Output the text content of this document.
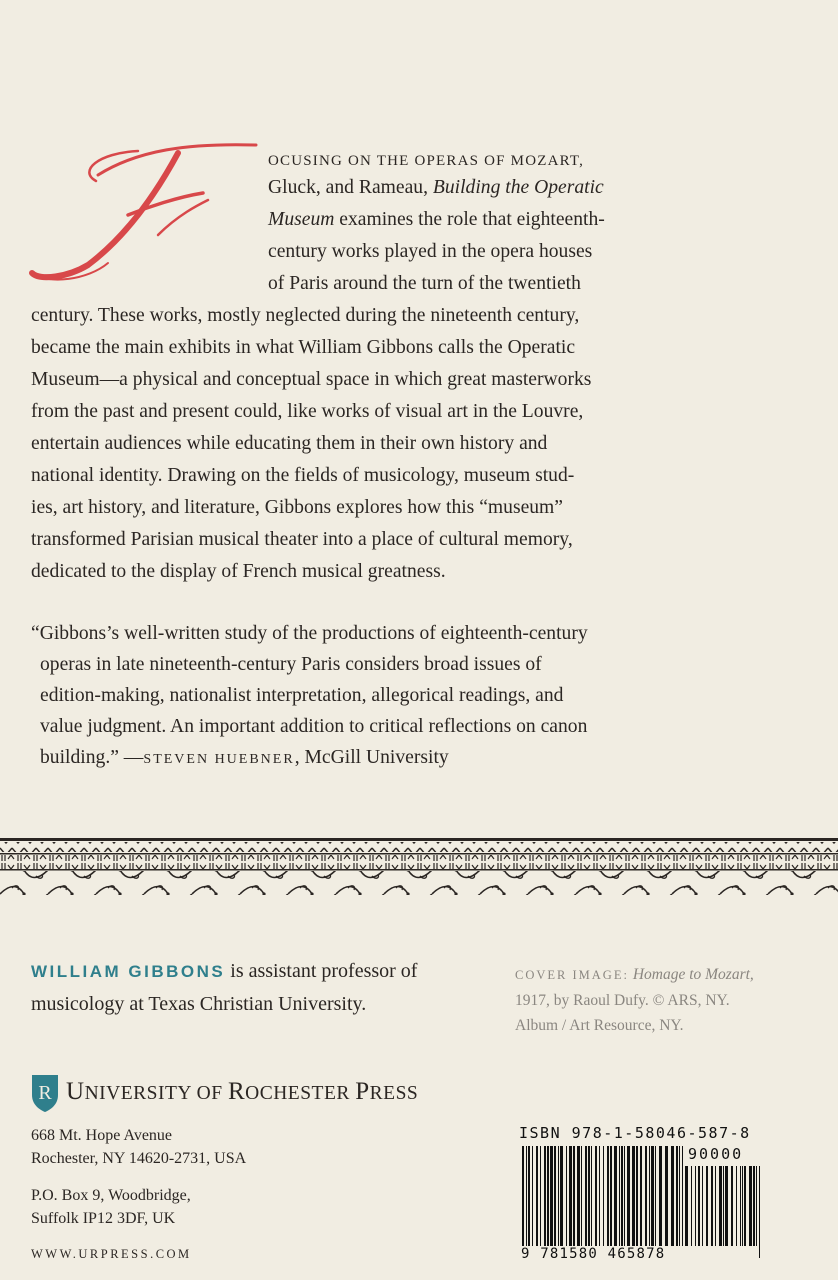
OCUSING ON THE OPERAS OF MOZART,
Gluck, and Rameau, Building the Operatic
Museum examines the role that eighteenth-
century works played in the opera houses
of Paris around the turn of the twentieth
century. These works, mostly neglected during the nineteenth century,
became the main exhibits in what William Gibbons calls the Operatic
Museum—a physical and conceptual space in which great masterworks
from the past and present could, like works of visual art in the Louvre,
entertain audiences while educating them in their own history and
national identity. Drawing on the fields of musicology, museum stud-
ies, art history, and literature, Gibbons explores how this “museum”
transformed Parisian musical theater into a place of cultural memory,
dedicated to the display of French musical greatness.
“Gibbons’s well-written study of the productions of eighteenth-century
operas in late nineteenth-century Paris considers broad issues of
edition-making, nationalist interpretation, allegorical readings, and
value judgment. An important addition to critical reflections on canon
building.” —STEVEN HUEBNER, McGill University
WILLIAM GIBBONS is assistant professor of
musicology at Texas Christian University.
COVER IMAGE: Homage to Mozart,
1917, by Raoul Dufy. © ARS, NY.
Album / Art Resource, NY.
R UNIVERSITY OF ROCHESTER PRESS
668 Mt. Hope Avenue
Rochester, NY 14620-2731, USA
P.O. Box 9, Woodbridge,
Suffolk IP12 3DF, UK
WWW.URPRESS.COM
ISBN 978-1-58046-587-8
90000
9 781580 465878
